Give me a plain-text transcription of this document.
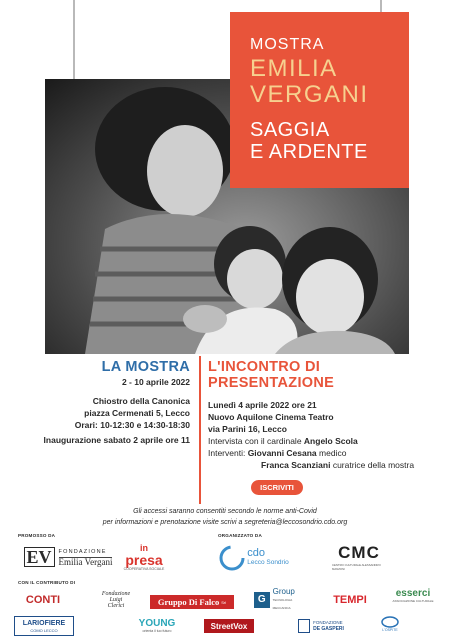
MOSTRA
EMILIA
VERGANI
SAGGIA
E ARDENTE
LA MOSTRA
2 - 10 aprile 2022
Chiostro della Canonica
piazza Cermenati 5, Lecco
Orari: 10-12:30 e 14:30-18:30
Inaugurazione sabato 2 aprile ore 11
L'INCONTRO DI
PRESENTAZIONE
Lunedì 4 aprile 2022 ore 21
Nuovo Aquilone Cinema Teatro
via Parini 16, Lecco
Intervista con il cardinale Angelo Scola
Interventi: Giovanni Cesana medico
Franca Scanziani curatrice della mostra
ISCRIVITI
Gli accessi saranno consentiti secondo le norme anti-Covid
per informazioni e prenotazione visite scrivi a segreteria@leccosondrio.cdo.org
PROMOSSO DA	ORGANIZZATO DA
CON IL CONTRIBUTO DI
EV	FONDAZIONE
Emilia Vergani
in
presa
COOPERATIVA SOCIALE
cdo
Lecco Sondrio
CMC
CENTRO CULTURALE ALESSANDRO MANZONI
CONTI	Fondazione
Luigi
Clerici	Gruppo Di Falco Srl	G
Group
TECNOLOGIA MECCANICA
TEMPI
esserci
ASSOCIAZIONE CULTURALE
LARIOFIERE
COMO LECCO
YOUNG
orienta il tuo futuro
StreetVox	FONDAZIONE
DE GASPERI	L'OSPITE
